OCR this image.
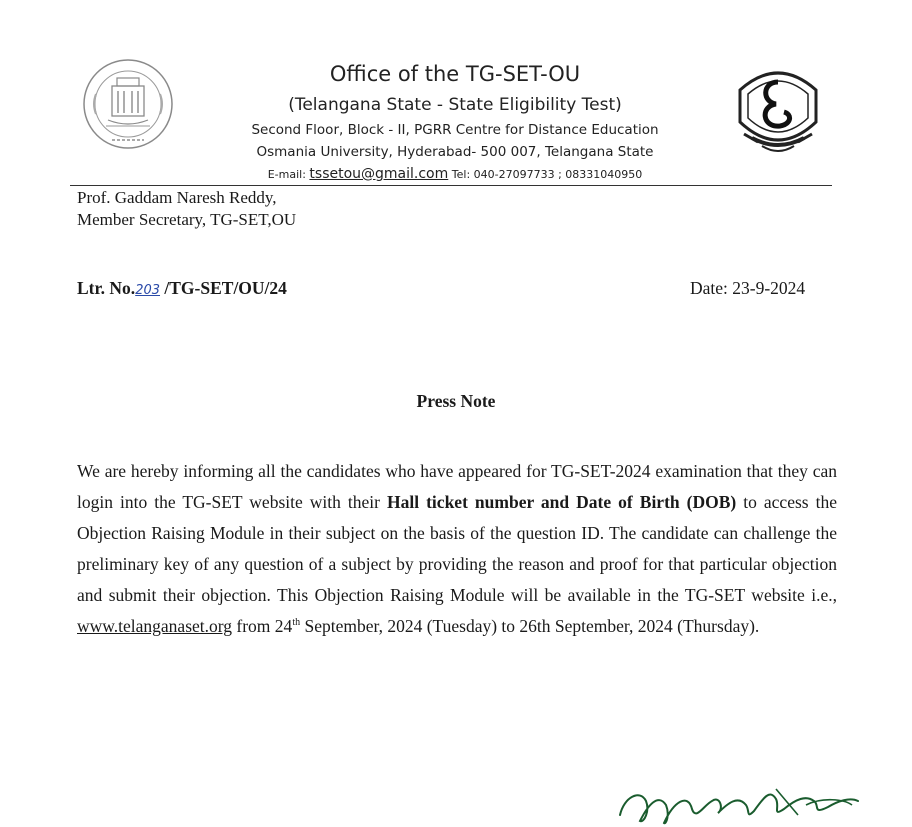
Office of the TG-SET-OU
(Telangana State - State Eligibility Test)
Second Floor, Block - II, PGRR Centre for Distance Education
Osmania University, Hyderabad- 500 007, Telangana State
E-mail: tssetou@gmail.com Tel: 040-27097733 ; 08331040950
Prof. Gaddam Naresh Reddy,
Member Secretary, TG-SET,OU
Ltr. No.203 /TG-SET/OU/24	Date: 23-9-2024
Press Note
We are hereby informing all the candidates who have appeared for TG-SET-2024 examination that they can login into the TG-SET website with their Hall ticket number and Date of Birth (DOB) to access the Objection Raising Module in their subject on the basis of the question ID. The candidate can challenge the preliminary key of any question of a subject by providing the reason and proof for that particular objection and submit their objection. This Objection Raising Module will be available in the TG-SET website i.e., www.telanganaset.org from 24th September, 2024 (Tuesday) to 26th September, 2024 (Thursday).
